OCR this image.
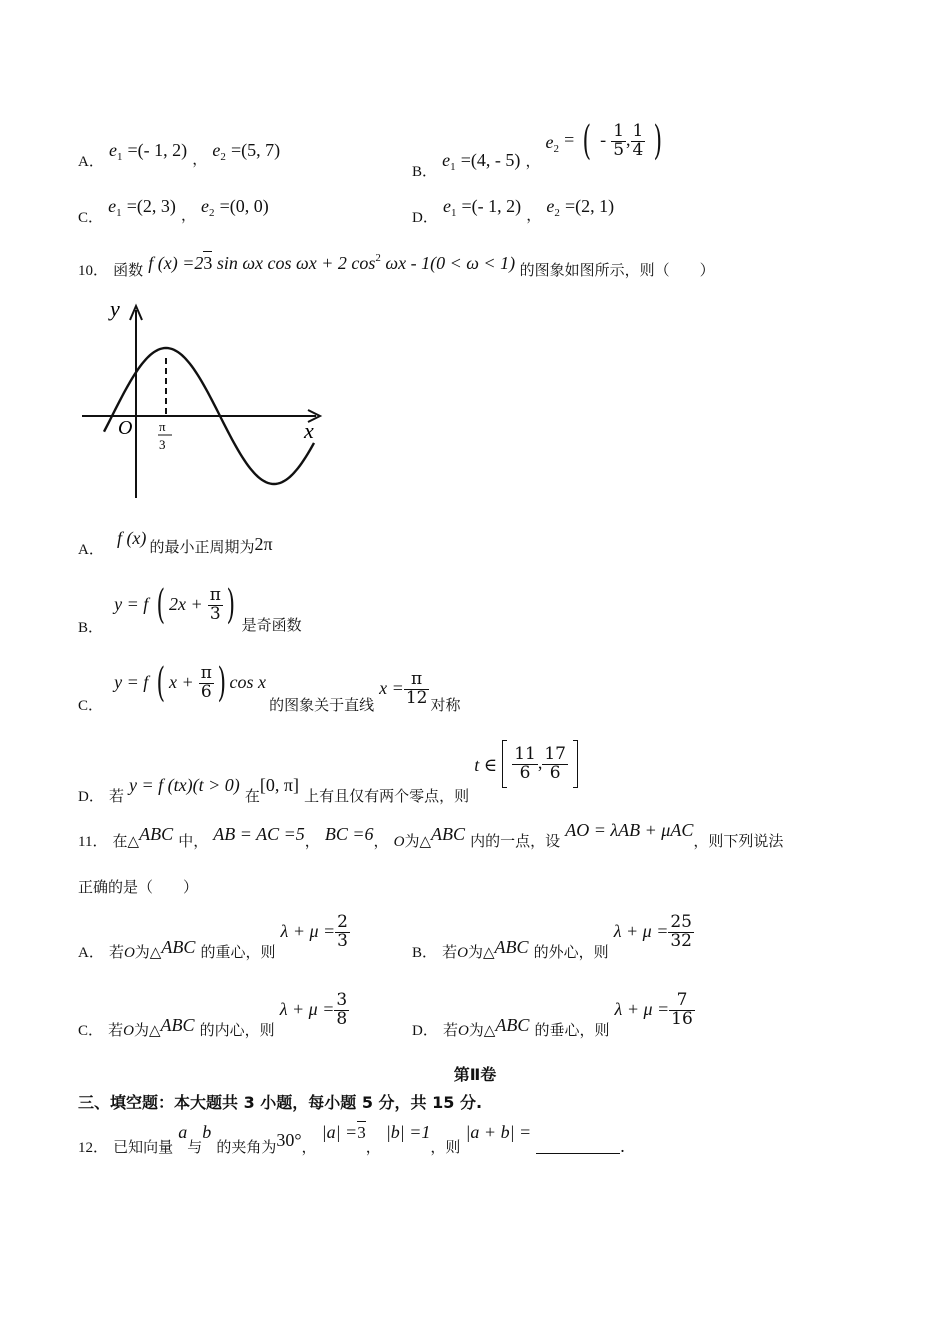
A． $e_1$ =(- 1, 2) ， $e_2 =(5$, 7)
B． $e_1 =(4$, - 5) ， $e_2$ = ( - $\frac{1}{5}$ , $\frac{1}{4}$ )
C． $e_1 =(2$, 3) ， $e_2 =(0$, 0)
D． $e_1$ =(- 1, 2) ， $e_2 =(2$, 1)
10． 函数 f (x) =23 sin ωx cos ωx + 2 $\cos^2 \omega x - 1(0 < \omega < 1)$ 的图象如图所示，则（　　）
y
x
O π
3
A． f (x) 的最小正周期为2π
B． y = f ( $2x + \frac{\pi}{3}$ ) 是奇函数
C． y = f ( $x + \frac{\pi}{6}$ ) cos x 的图象关于直线 $x = \frac{\pi}{12}$ 对称
D． 若 y = f (tx)(t > 0) 在[0, π] 上有且仅有两个零点，则 t ∈ $\frac{11}{6}$ , $\frac{17}{6}$

11． 在△ABC 中， AB = AC =5， BC =6， O为△ABC 内的一点，设 AO = λAB + μAC，则下列说法
正确的是（　　）
A． 若O为△ABC 的重心，则 $\lambda + \mu = \frac{2}{3}$
B． 若O为△ABC 的外心，则 $\lambda + \mu = \frac{25}{32}$
C． 若O为△ABC 的内心，则 $\lambda + \mu = \frac{3}{8}$
D． 若O为△ABC 的垂心，则 $\lambda + \mu = \frac{7}{16}$
第Ⅱ卷
三、填空题：本大题共 3 小题，每小题 5 分，共 15 分.
12． 已知向量 a与b 的夹角为30°， |a| =3， |b| =1，则 |a + b| = .
